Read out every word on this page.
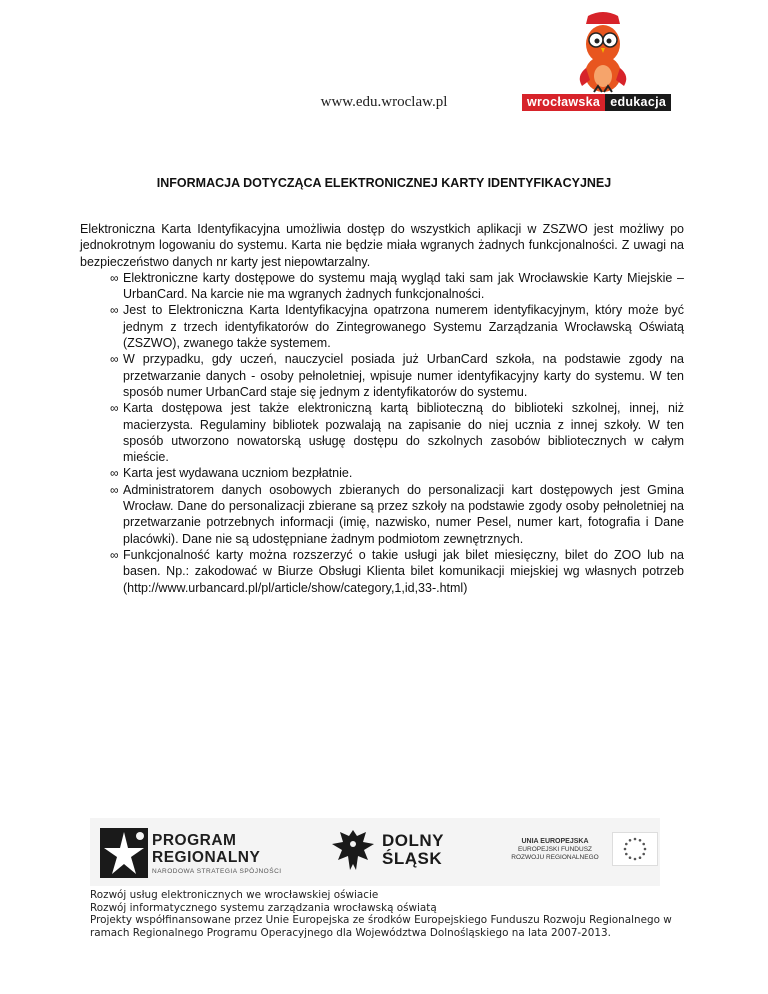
www.edu.wroclaw.pl	wrocławska edukacja
INFORMACJA DOTYCZĄCA ELEKTRONICZNEJ KARTY IDENTYFIKACYJNEJ

Elektroniczna Karta Identyfikacyjna umożliwia dostęp do wszystkich aplikacji w ZSZWO jest możliwy po jednokrotnym logowaniu do systemu. Karta nie będzie miała wgranych żadnych funkcjonalności. Z uwagi na bezpieczeństwo danych nr karty jest niepowtarzalny.

∞ Elektroniczne karty dostępowe do systemu mają wygląd taki sam jak Wrocławskie Karty Miejskie – UrbanCard. Na karcie nie ma wgranych żadnych funkcjonalności.
∞ Jest to Elektroniczna Karta Identyfikacyjna opatrzona numerem identyfikacyjnym, który może być jednym z trzech identyfikatorów do Zintegrowanego Systemu Zarządzania Wrocławską Oświatą (ZSZWO), zwanego także systemem.
∞ W przypadku, gdy uczeń, nauczyciel posiada już UrbanCard szkoła, na podstawie zgody na przetwarzanie danych - osoby pełnoletniej, wpisuje numer identyfikacyjny karty do systemu. W ten sposób numer UrbanCard staje się jednym z identyfikatorów do systemu.
∞ Karta dostępowa jest także elektroniczną kartą biblioteczną do biblioteki szkolnej, innej, niż macierzysta. Regulaminy bibliotek pozwalają na zapisanie do niej ucznia z innej szkoły. W ten sposób utworzono nowatorską usługę dostępu do szkolnych zasobów bibliotecznych w całym mieście.
∞ Karta jest wydawana uczniom bezpłatnie.
∞ Administratorem danych osobowych zbieranych do personalizacji kart dostępowych jest Gmina Wrocław. Dane do personalizacji zbierane są przez szkoły na podstawie zgody osoby pełnoletniej na przetwarzanie potrzebnych informacji (imię, nazwisko, numer Pesel, numer kart, fotografia i Dane placówki). Dane nie są udostępniane żadnym podmiotom zewnętrznych.
∞ Funkcjonalność karty można rozszerzyć o takie usługi jak bilet miesięczny, bilet do ZOO lub na basen. Np.: zakodować w Biurze Obsługi Klienta bilet komunikacji miejskiej wg własnych potrzeb (http://www.urbancard.pl/pl/article/show/category,1,id,33-.html)
PROGRAM
REGIONALNY
NARODOWA STRATEGIA SPÓJNOŚCI
DOLNY
ŚLĄSK
UNIA EUROPEJSKA
EUROPEJSKI FUNDUSZ
ROZWOJU REGIONALNEGO
Rozwój usług elektronicznych we wrocławskiej oświacie
Rozwój informatycznego systemu zarządzania wrocławską oświatą
Projekty współfinansowane przez Unie Europejska ze środków Europejskiego Funduszu Rozwoju Regionalnego w
ramach Regionalnego Programu Operacyjnego dla Województwa Dolnośląskiego na lata 2007-2013.
